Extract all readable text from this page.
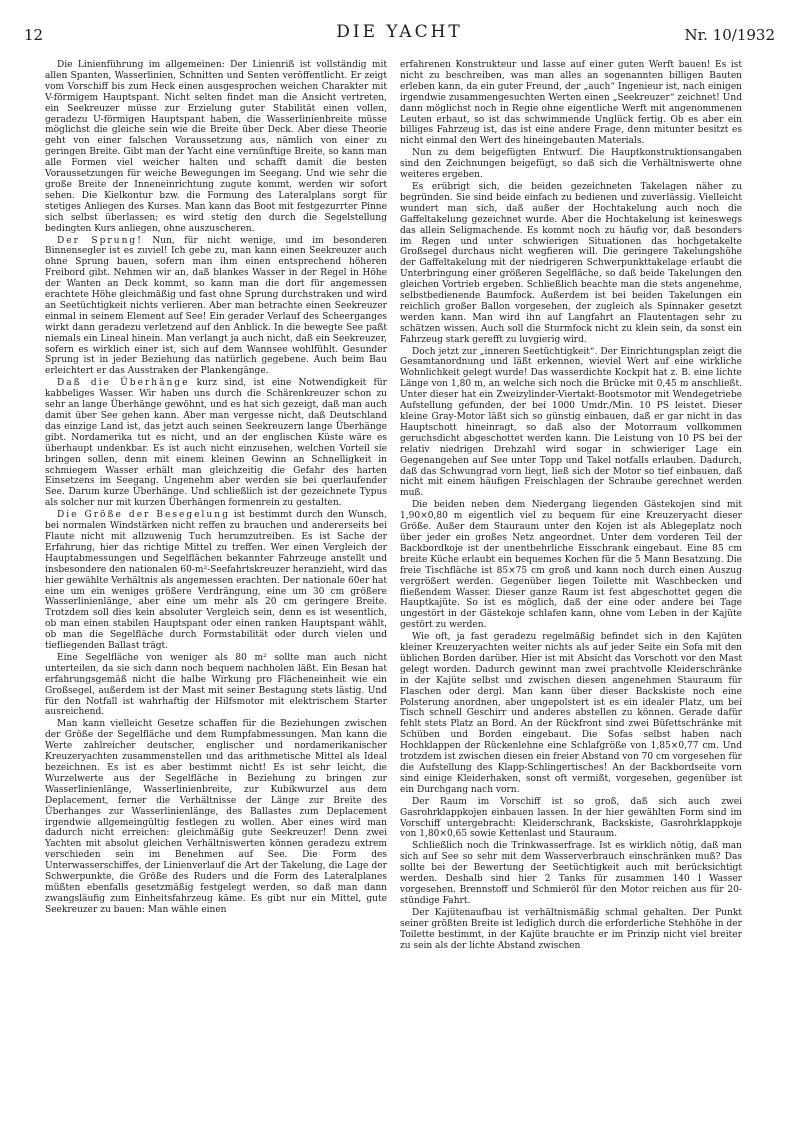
12	DIE YACHT	Nr. 10/1932

Die Linienführung im allgemeinen: Der Linienriß ist vollständig mit allen Spanten, Wasserlinien, Schnitten und Senten veröffentlicht. Er zeigt vom Vorschiff bis zum Heck einen ausgesprochen weichen Charakter mit V-förmigem Hauptspant. Nicht selten findet man die Ansicht vertreten, ein Seekreuzer müsse zur Erzielung guter Stabilität einen vollen, geradezu U-förmigen Hauptspant haben, die Wasserlinienbreite müsse möglichst die gleiche sein wie die Breite über Deck. Aber diese Theorie geht von einer falschen Voraussetzung aus, nämlich von einer zu geringen Breite. Gibt man der Yacht eine vernünftige Breite, so kann man alle Formen viel weicher halten und schafft damit die besten Voraussetzungen für weiche Bewegungen im Seegang. Und wie sehr die große Breite der Inneneinrichtung zugute kommt, werden wir sofort sehen. Die Kielkontur bzw. die Formung des Lateralplans sorgt für stetiges Anliegen des Kurses. Man kann das Boot mit festgezurrter Pinne sich selbst überlassen; es wird stetig den durch die Segelstellung bedingten Kurs anliegen, ohne auszuscheren.

Der Sprung! Nun, für nicht wenige, und im besonderen Binnensegler ist es zuviel! Ich gebe zu, man kann einen Seekreuzer auch ohne Sprung bauen, sofern man ihm einen entsprechend höheren Freibord gibt. Nehmen wir an, daß blankes Wasser in der Regel in Höhe der Wanten an Deck kommt, so kann man die dort für angemessen erachtete Höhe gleichmäßig und fast ohne Sprung durchstraken und wird an Seetüchtigkeit nichts verlieren. Aber man betrachte einen Seekreuzer einmal in seinem Element auf See! Ein gerader Verlauf des Scheerganges wirkt dann geradezu verletzend auf den Anblick. In die bewegte See paßt niemals ein Lineal hinein. Man verlangt ja auch nicht, daß ein Seekreuzer, sofern es wirklich einer ist, sich auf dem Wannsee wohlfühlt. Gesunder Sprung ist in jeder Beziehung das natürlich gegebene. Auch beim Bau erleichtert er das Ausstraken der Plankengänge.

Daß die Überhänge kurz sind, ist eine Notwendigkeit für kabbeliges Wasser. Wir haben uns durch die Schärenkreuzer schon zu sehr an lange Überhänge gewöhnt, und es hat sich gezeigt, daß man auch damit über See gehen kann. Aber man vergesse nicht, daß Deutschland das einzige Land ist, das jetzt auch seinen Seekreuzern lange Überhänge gibt. Nordamerika tut es nicht, und an der englischen Küste wäre es überhaupt undenkbar. Es ist auch nicht einzusehen, welchen Vorteil sie bringen sollen, denn mit einem kleinen Gewinn an Schnelligkeit in schmiegem Wasser erhält man gleichzeitig die Gefahr des harten Einsetzens im Seegang. Ungenehm aber werden sie bei querlaufender See. Darum kurze Überhänge. Und schließlich ist der gezeichnete Typus als solcher nur mit kurzen Überhängen formenrein zu gestalten.

Die Größe der Besegelung ist bestimmt durch den Wunsch, bei normalen Windstärken nicht reffen zu brauchen und andererseits bei Flaute nicht mit allzuwenig Tuch herumzutreiben. Es ist Sache der Erfahrung, hier das richtige Mittel zu treffen. Wer einen Vergleich der Hauptabmessungen und Segelflächen bekannter Fahrzeuge anstellt und insbesondere den nationalen 60-m²-Seefahrtskreuzer heranzieht, wird das hier gewählte Verhältnis als angemessen erachten. Der nationale 60er hat eine um ein weniges größere Verdrängung, eine um 30 cm größere Wasserlinienlänge, aber eine um mehr als 20 cm geringere Breite. Trotzdem soll dies kein absoluter Vergleich sein, denn es ist wesentlich, ob man einen stabilen Hauptspant oder einen ranken Hauptspant wählt, ob man die Segelfläche durch Formstabilität oder durch vielen und tiefliegenden Ballast trägt.

Eine Segelfläche von weniger als 80 m² sollte man auch nicht unterteilen, da sie sich dann noch bequem nachholen läßt. Ein Besan hat erfahrungsgemäß nicht die halbe Wirkung pro Flächeneinheit wie ein Großsegel, außerdem ist der Mast mit seiner Bestagung stets lästig. Und für den Notfall ist wahrhaftig der Hilfsmotor mit elektrischem Starter ausreichend.

Man kann vielleicht Gesetze schaffen für die Beziehungen zwischen der Größe der Segelfläche und dem Rumpfabmessungen. Man kann die Werte zahlreicher deutscher, englischer und nordamerikanischer Kreuzeryachten zusammenstellen und das arithmetische Mittel als Ideal bezeichnen. Es ist es aber bestimmt nicht! Es ist sehr leicht, die Wurzelwerte aus der Segelfläche in Beziehung zu bringen zur Wasserlinienlänge, Wasserlinienbreite, zur Kubikwurzel aus dem Deplacement, ferner die Verhältnisse der Länge zur Breite des Überhanges zur Wasserlinienlänge, des Ballastes zum Deplacement irgendwie allgemeingültig festlegen zu wollen. Aber eines wird man dadurch nicht erreichen: gleichmäßig gute Seekreuzer! Denn zwei Yachten mit absolut gleichen Verhältniswerten können geradezu extrem verschieden sein im Benehmen auf See. Die Form des Unterwasserschiffes, der Linienverlauf die Art der Takelung, die Lage der Schwerpunkte, die Größe des Ruders und die Form des Lateralplanes müßten ebenfalls gesetzmäßig festgelegt werden, so daß man dann zwangsläufig zum Einheitsfahrzeug käme. Es gibt nur ein Mittel, gute Seekreuzer zu bauen: Man wähle einen

erfahrenen Konstrukteur und lasse auf einer guten Werft bauen! Es ist nicht zu beschreiben, was man alles an sogenannten billigen Bauten erleben kann, da ein guter Freund, der „auch“ Ingenieur ist, nach einigen irgendwie zusammengesuchten Werten einen „Seekreuzer“ zeichnet! Und dann möglichst noch in Regie ohne eigentliche Werft mit angenommenen Leuten erbaut, so ist das schwimmende Unglück fertig. Ob es aber ein billiges Fahrzeug ist, das ist eine andere Frage, denn mitunter besitzt es nicht einmal den Wert des hineingebauten Materials.

Nun zu dem beigefügten Entwurf. Die Hauptkonstruktionsangaben sind den Zeichnungen beigefügt, so daß sich die Verhältniswerte ohne weiteres ergeben.

Es erübrigt sich, die beiden gezeichneten Takelagen näher zu begründen. Sie sind beide einfach zu bedienen und zuverlässig. Vielleicht wundert man sich, daß außer der Hochtakelung auch noch die Gaffeltakelung gezeichnet wurde. Aber die Hochtakelung ist keineswegs das allein Seligmachende. Es kommt noch zu häufig vor, daß besonders im Regen und unter schwierigen Situationen das hochgetakelte Großsegel durchaus nicht wegfieren will. Die geringere Takelungshöhe der Gaffeltakelung mit der niedrigeren Schwerpunkttakelage erlaubt die Unterbringung einer größeren Segelfläche, so daß beide Takelungen den gleichen Vortrieb ergeben. Schließlich beachte man die stets angenehme, selbstbedienende Baumfock. Außerdem ist bei beiden Takelungen ein reichlich großer Ballon vorgesehen, der zugleich als Spinnaker gesetzt werden kann. Man wird ihn auf Langfahrt an Flautentagen sehr zu schätzen wissen. Auch soll die Sturmfock nicht zu klein sein, da sonst ein Fahrzeug stark gerefft zu luvgierig wird.

Doch jetzt zur „inneren Seetüchtigkeit“. Der Einrichtungsplan zeigt die Gesamtanordnung und läßt erkennen, wieviel Wert auf eine wirkliche Wohnlichkeit gelegt wurde! Das wasserdichte Kockpit hat z. B. eine lichte Länge von 1,80 m, an welche sich noch die Brücke mit 0,45 m anschließt. Unter dieser hat ein Zweizylinder-Viertakt-Bootsmotor mit Wendegetriebe Aufstellung gefunden, der bei 1000 Umdr./Min. 10 PS leistet. Dieser kleine Gray-Motor läßt sich so günstig einbauen, daß er gar nicht in das Hauptschott hineinragt, so daß also der Motorraum vollkommen geruchsdicht abgeschottet werden kann. Die Leistung von 10 PS bei der relativ niedrigen Drehzahl wird sogar in schwieriger Lage ein Gegenangehen auf See unter Topp und Takel notfalls erlauben. Dadurch, daß das Schwungrad vorn liegt, ließ sich der Motor so tief einbauen, daß nicht mit einem häufigen Freischlagen der Schraube gerechnet werden muß.

Die beiden neben dem Niedergang liegenden Gästekojen sind mit 1,90×0,80 m eigentlich viel zu bequem für eine Kreuzeryacht dieser Größe. Außer dem Stauraum unter den Kojen ist als Ablegeplatz noch über jeder ein großes Netz angeordnet. Unter dem vorderen Teil der Backbordkoje ist der unentbehrliche Eisschrank eingebaut. Eine 85 cm breite Küche erlaubt ein bequemes Kochen für die 5 Mann Besatzung. Die freie Tischfläche ist 85×75 cm groß und kann noch durch einen Auszug vergrößert werden. Gegenüber liegen Toilette mit Waschbecken und fließendem Wasser. Dieser ganze Raum ist fest abgeschottet gegen die Hauptkajüte. So ist es möglich, daß der eine oder andere bei Tage ungestört in der Gästekoje schlafen kann, ohne vom Leben in der Kajüte gestört zu werden.

Wie oft, ja fast geradezu regelmäßig befindet sich in den Kajüten kleiner Kreuzeryachten weiter nichts als auf jeder Seite ein Sofa mit den üblichen Borden darüber. Hier ist mit Absicht das Vorschott vor den Mast gelegt worden. Dadurch gewinnt man zwei prachtvolle Kleiderschränke in der Kajüte selbst und zwischen diesen angenehmen Stauraum für Flaschen oder dergl. Man kann über dieser Backskiste noch eine Polsterung anordnen, aber ungepolstert ist es ein idealer Platz, um bei Tisch schnell Geschirr und anderes abstellen zu können. Gerade dafür fehlt stets Platz an Bord. An der Rückfront sind zwei Büfettschränke mit Schüben und Borden eingebaut. Die Sofas selbst haben nach Hochklappen der Rückenlehne eine Schlafgröße von 1,85×0,77 cm. Und trotzdem ist zwischen diesen ein freier Abstand von 70 cm vorgesehen für die Aufstellung des Klapp-Schlingertisches! An der Backbordseite vorn sind einige Kleiderhaken, sonst oft vermißt, vorgesehen, gegenüber ist ein Durchgang nach vorn.

Der Raum im Vorschiff ist so groß, daß sich auch zwei Gasrohrklappkojen einbauen lassen. In der hier gewählten Form sind im Vorschiff untergebracht: Kleiderschrank, Backskiste, Gasrohrklappkoje von 1,80×0,65 sowie Kettenlast und Stauraum.

Schließlich noch die Trinkwasserfrage. Ist es wirklich nötig, daß man sich auf See so sehr mit dem Wasserverbrauch einschränken muß? Das sollte bei der Bewertung der Seetüchtigkeit auch mit berücksichtigt werden. Deshalb sind hier 2 Tanks für zusammen 140 l Wasser vorgesehen. Brennstoff und Schmieröl für den Motor reichen aus für 20-stündige Fahrt.

Der Kajütenaufbau ist verhältnismäßig schmal gehalten. Der Punkt seiner größten Breite ist lediglich durch die erforderliche Stehhöhe in der Toilette bestimmt, in der Kajüte brauchte er im Prinzip nicht viel breiter zu sein als der lichte Abstand zwischen
